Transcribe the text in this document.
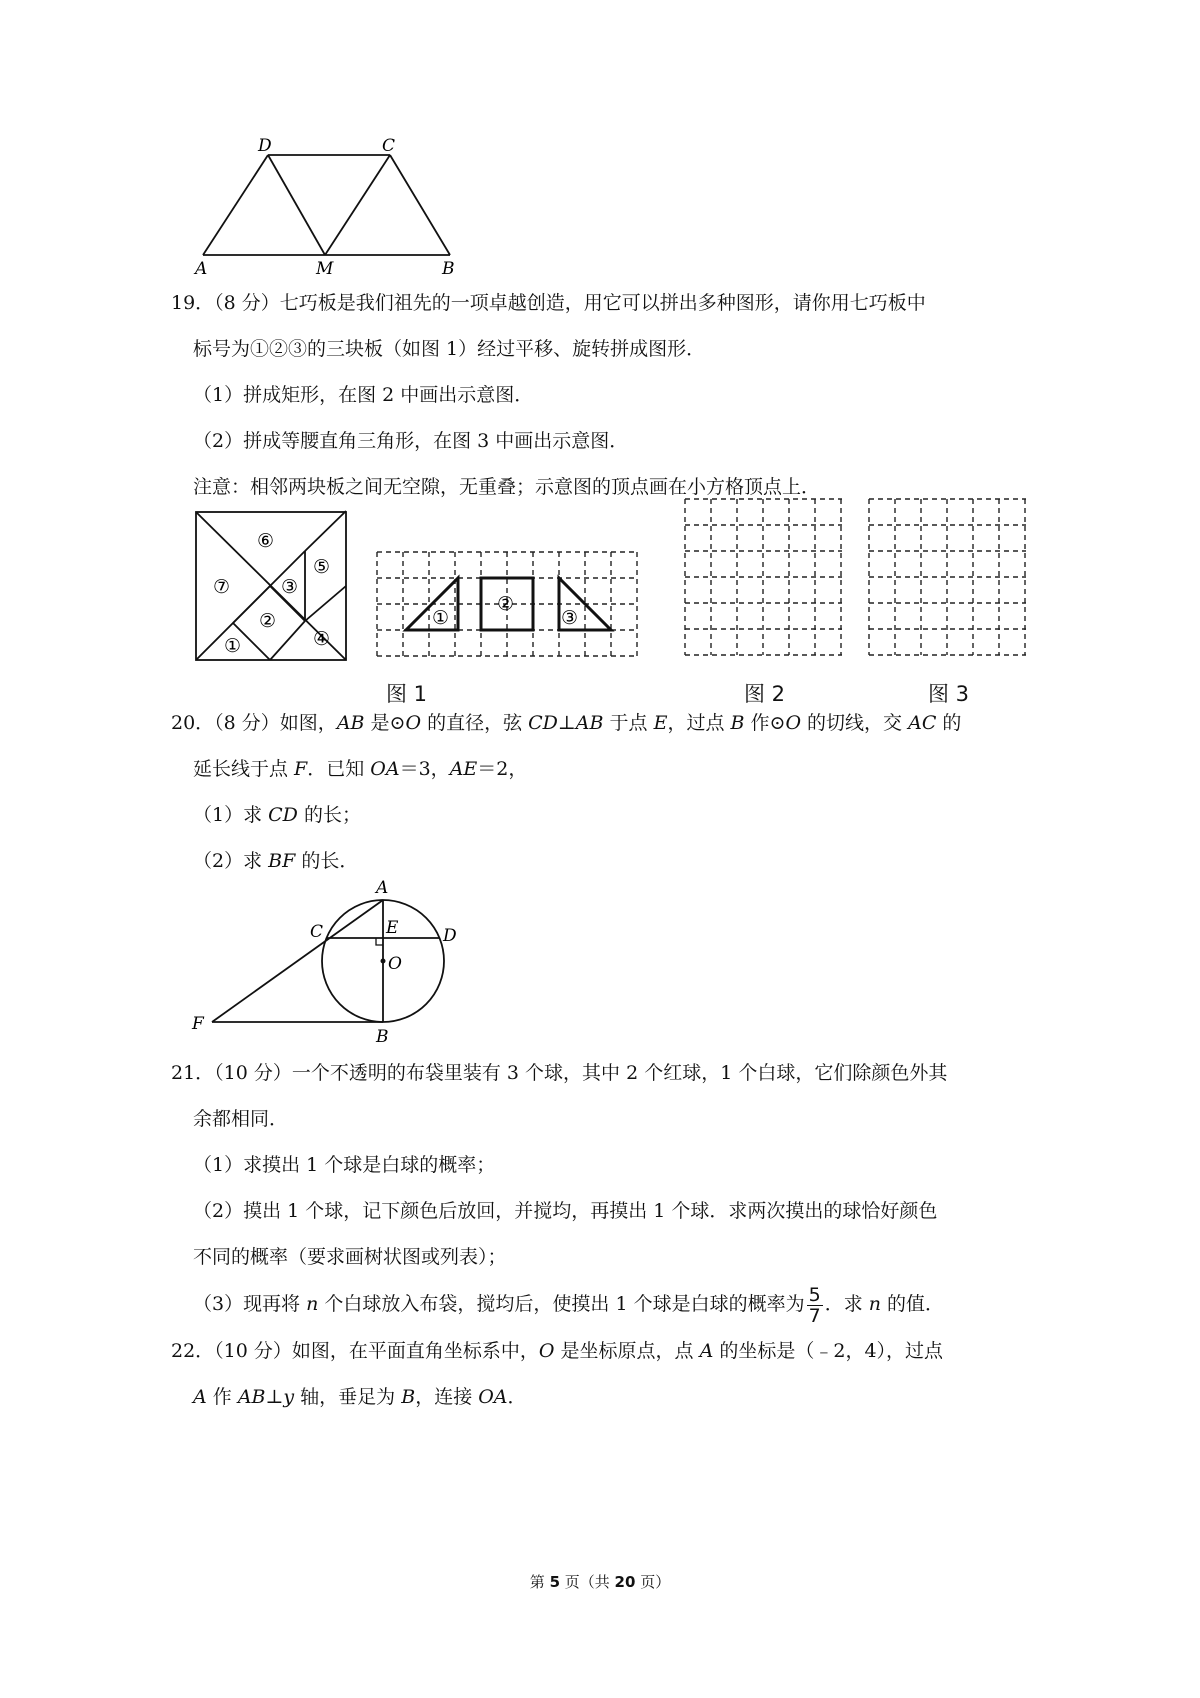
D	C
A	M	B
19．（8 分）七巧板是我们祖先的一项卓越创造，用它可以拼出多种图形，请你用七巧板中
标号为①②③的三块板（如图 1）经过平移、旋转拼成图形．
（1）拼成矩形，在图 2 中画出示意图．
（2）拼成等腰直角三角形，在图 3 中画出示意图．
注意：相邻两块板之间无空隙，无重叠；示意图的顶点画在小方格顶点上．
⑥
⑦	③
⑤
②
①	④
①
②
③
图 1	图 2	图 3
20．（8 分）如图，AB 是⊙O 的直径，弦 CD⊥AB 于点 E，过点 B 作⊙O 的切线，交 AC 的
延长线于点 F．已知 OA＝3，AE＝2，
（1）求 CD 的长；
（2）求 BF 的长．
A
C	E	D
O
F
B
21．（10 分）一个不透明的布袋里装有 3 个球，其中 2 个红球，1 个白球，它们除颜色外其
余都相同．
（1）求摸出 1 个球是白球的概率；
（2）摸出 1 个球，记下颜色后放回，并搅均，再摸出 1 个球．求两次摸出的球恰好颜色
不同的概率（要求画树状图或列表）；
（3）现再将 n 个白球放入布袋，搅均后，使摸出 1 个球是白球的概率为 $\frac{5}{7}$ ．求 n 的值．
22．（10 分）如图，在平面直角坐标系中，O 是坐标原点，点 A 的坐标是（﹣2，4），过点
A 作 AB⊥y 轴，垂足为 B，连接 OA．
第 5 页（共 20 页）
